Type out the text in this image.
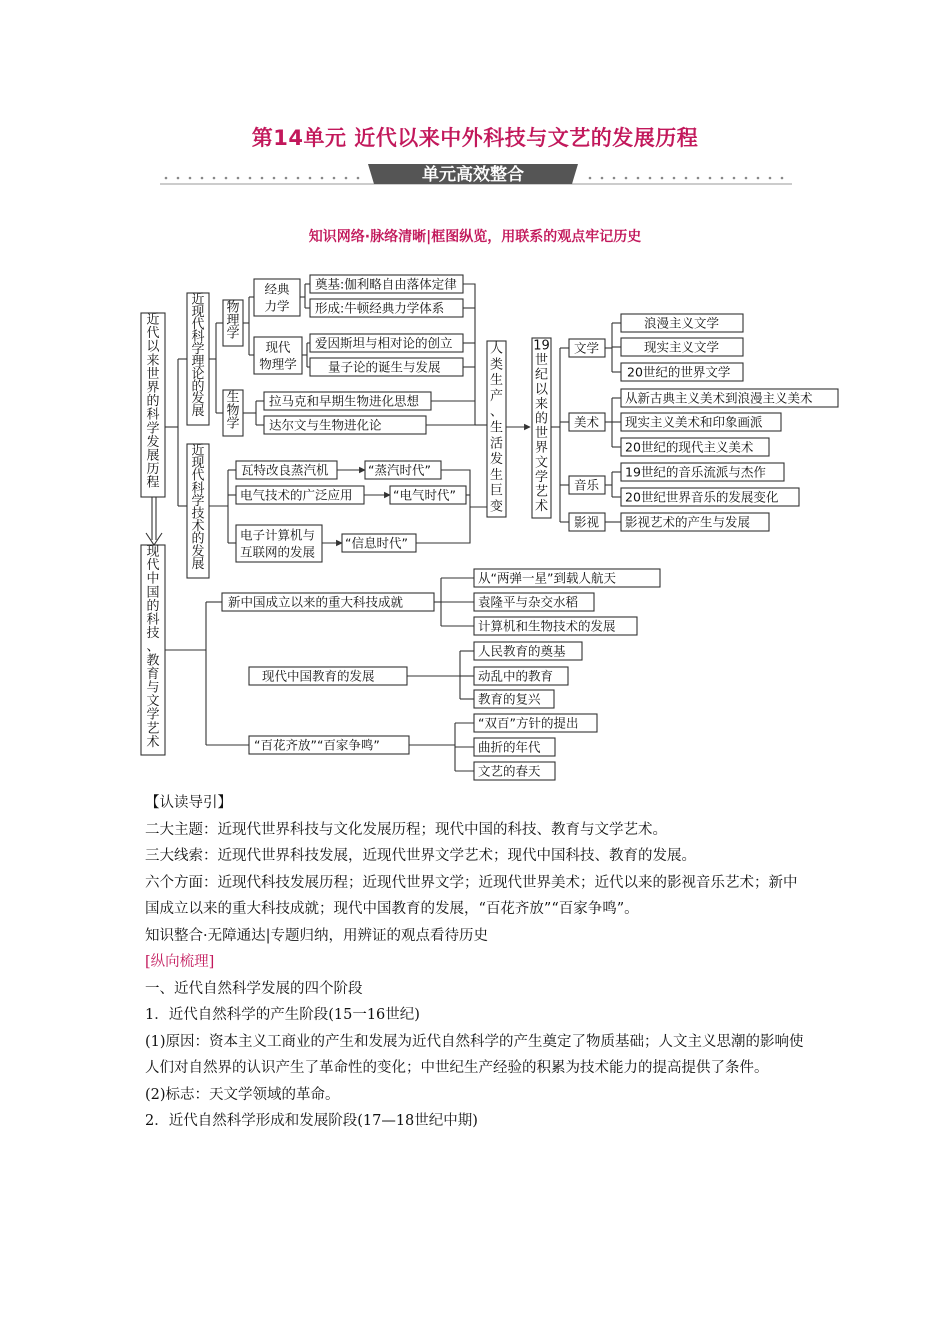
第14单元 近代以来中外科技与文艺的发展历程
单元高效整合
知识网络·脉络清晰|框图纵览，用联系的观点牢记历史
近
代
以
来
世
界
的
科
学
发
展
历
程
现
代
中
国
的
科
技
、
教
育
与
文
学
艺
术
近
现
代
科
学
理
论
的
发
展
近
现
代
科
学
技
术
的
发
展
物
理
学
生
物
学
人
类
生
产
、
生
活
发
生
巨
变
19
世
纪
以
来
的
世
界
文
学
艺
术
经典
力学
现代
物理学
奠基:伽利略自由落体定律
形成:牛顿经典力学体系
爱因斯坦与相对论的创立
量子论的诞生与发展
拉马克和早期生物进化思想
达尔文与生物进化论
瓦特改良蒸汽机	“蒸汽时代”
电气技术的广泛应用	“电气时代”
电子计算机与
互联网的发展
“信息时代”
文学
美术
音乐
影视
浪漫主义文学
现实主义文学
20世纪的世界文学
从新古典主义美术到浪漫主义美术
现实主义美术和印象画派
20世纪的现代主义美术
19世纪的音乐流派与杰作
20世纪世界音乐的发展变化
影视艺术的产生与发展
新中国成立以来的重大科技成就
从“两弹一星”到载人航天
袁隆平与杂交水稻
计算机和生物技术的发展
现代中国教育的发展
人民教育的奠基
动乱中的教育
教育的复兴
“百花齐放”“百家争鸣”
“双百”方针的提出
曲折的年代
文艺的春天

【认读导引】

二大主题：近现代世界科技与文化发展历程；现代中国的科技、教育与文学艺术。

三大线索：近现代世界科技发展，近现代世界文学艺术；现代中国科技、教育的发展。

六个方面：近现代科技发展历程；近现代世界文学；近现代世界美术；近代以来的影视音乐艺术；新中国成立以来的重大科技成就；现代中国教育的发展，“百花齐放”“百家争鸣”。

知识整合·无障通达|专题归纳，用辨证的观点看待历史

[纵向梳理]

一、近代自然科学发展的四个阶段

1．近代自然科学的产生阶段(15一16世纪)

(1)原因：资本主义工商业的产生和发展为近代自然科学的产生奠定了物质基础；人文主义思潮的影响使人们对自然界的认识产生了革命性的变化；中世纪生产经验的积累为技术能力的提高提供了条件。

(2)标志：天文学领域的革命。

2．近代自然科学形成和发展阶段(17—18世纪中期)
